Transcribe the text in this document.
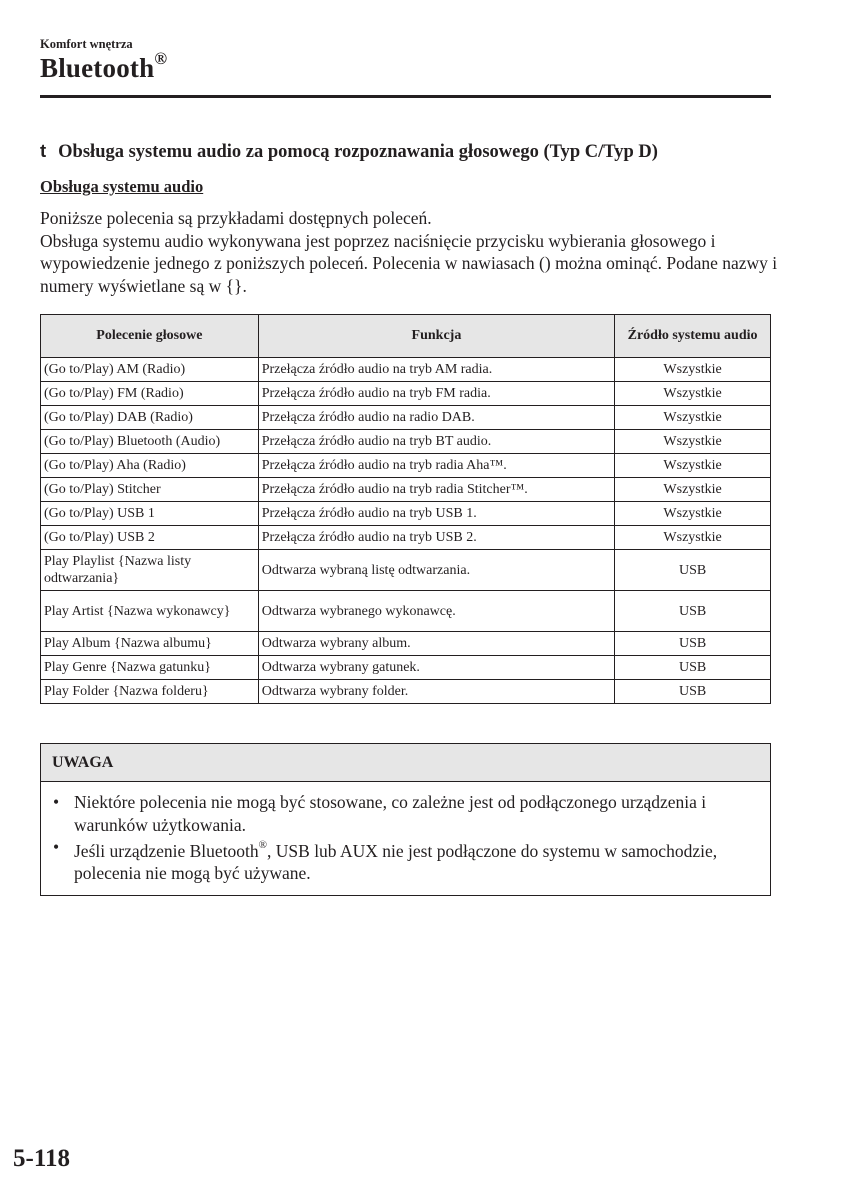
Komfort wnętrza
Bluetooth®
t Obsługa systemu audio za pomocą rozpoznawania głosowego (Typ C/Typ D)
Obsługa systemu audio

Poniższe polecenia są przykładami dostępnych poleceń.

Obsługa systemu audio wykonywana jest poprzez naciśnięcie przycisku wybierania głosowego i wypowiedzenie jednego z poniższych poleceń. Polecenia w nawiasach () można ominąć. Podane nazwy i numery wyświetlane są w {}.

Polecenie głosowe	Funkcja	Źródło systemu audio
(Go to/Play) AM (Radio)	Przełącza źródło audio na tryb AM radia.	Wszystkie
(Go to/Play) FM (Radio)	Przełącza źródło audio na tryb FM radia.	Wszystkie
(Go to/Play) DAB (Radio)	Przełącza źródło audio na radio DAB.	Wszystkie
(Go to/Play) Bluetooth (Audio)	Przełącza źródło audio na tryb BT audio.	Wszystkie
(Go to/Play) Aha (Radio)	Przełącza źródło audio na tryb radia Aha™.	Wszystkie
(Go to/Play) Stitcher	Przełącza źródło audio na tryb radia Stitcher™.	Wszystkie
(Go to/Play) USB 1	Przełącza źródło audio na tryb USB 1.	Wszystkie
(Go to/Play) USB 2	Przełącza źródło audio na tryb USB 2.	Wszystkie
Play Playlist {Nazwa listy odtwarzania}	Odtwarza wybraną listę odtwarzania.	USB
Play Artist {Nazwa wykonawcy}	Odtwarza wybranego wykonawcę.	USB
Play Album {Nazwa albumu}	Odtwarza wybrany album.	USB
Play Genre {Nazwa gatunku}	Odtwarza wybrany gatunek.	USB
Play Folder {Nazwa folderu}	Odtwarza wybrany folder.	USB
UWAGA
• Niektóre polecenia nie mogą być stosowane, co zależne jest od podłączonego urządzenia i warunków użytkowania.
• Jeśli urządzenie Bluetooth®, USB lub AUX nie jest podłączone do systemu w samochodzie, polecenia nie mogą być używane.
5-118
